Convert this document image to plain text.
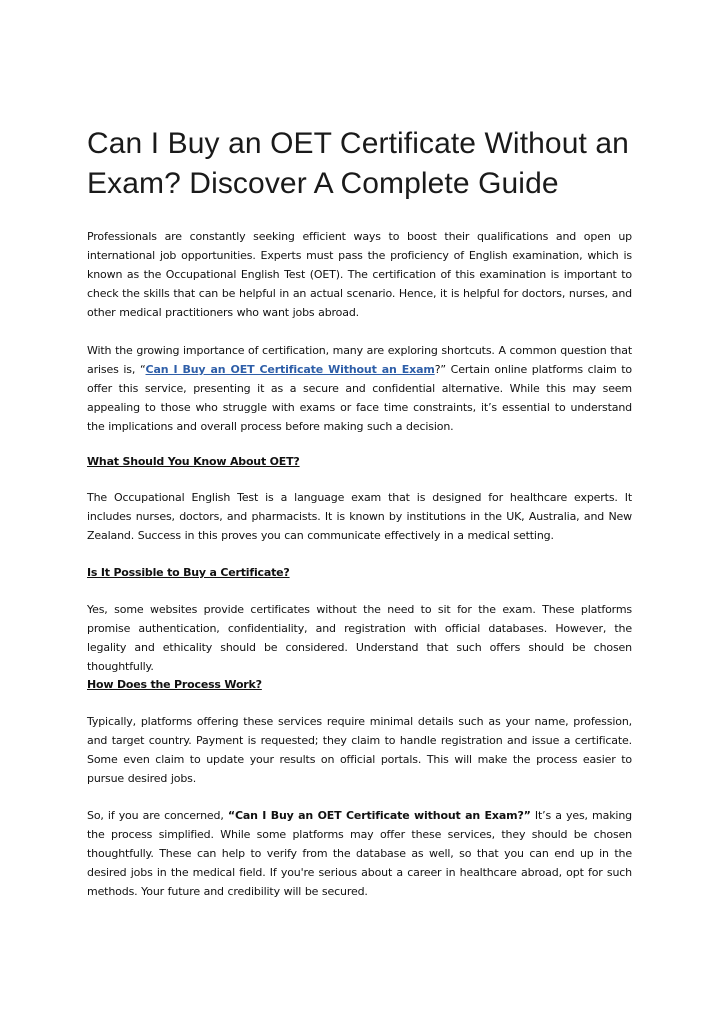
Can I Buy an OET Certificate Without an Exam? Discover A Complete Guide

Professionals are constantly seeking efficient ways to boost their qualifications and open up international job opportunities. Experts must pass the proficiency of English examination, which is known as the Occupational English Test (OET). The certification of this examination is important to check the skills that can be helpful in an actual scenario. Hence, it is helpful for doctors, nurses, and other medical practitioners who want jobs abroad.

With the growing importance of certification, many are exploring shortcuts. A common question that arises is, “Can I Buy an OET Certificate Without an Exam?” Certain online platforms claim to offer this service, presenting it as a secure and confidential alternative. While this may seem appealing to those who struggle with exams or face time constraints, it’s essential to understand the implications and overall process before making such a decision.

What Should You Know About OET?

The Occupational English Test is a language exam that is designed for healthcare experts. It includes nurses, doctors, and pharmacists. It is known by institutions in the UK, Australia, and New Zealand. Success in this proves you can communicate effectively in a medical setting.

Is It Possible to Buy a Certificate?

Yes, some websites provide certificates without the need to sit for the exam. These platforms promise authentication, confidentiality, and registration with official databases. However, the legality and ethicality should be considered. Understand that such offers should be chosen thoughtfully.

How Does the Process Work?

Typically, platforms offering these services require minimal details such as your name, profession, and target country. Payment is requested; they claim to handle registration and issue a certificate. Some even claim to update your results on official portals. This will make the process easier to pursue desired jobs.

So, if you are concerned, “Can I Buy an OET Certificate without an Exam?” It’s a yes, making the process simplified. While some platforms may offer these services, they should be chosen thoughtfully. These can help to verify from the database as well, so that you can end up in the desired jobs in the medical field. If you're serious about a career in healthcare abroad, opt for such methods. Your future and credibility will be secured.
